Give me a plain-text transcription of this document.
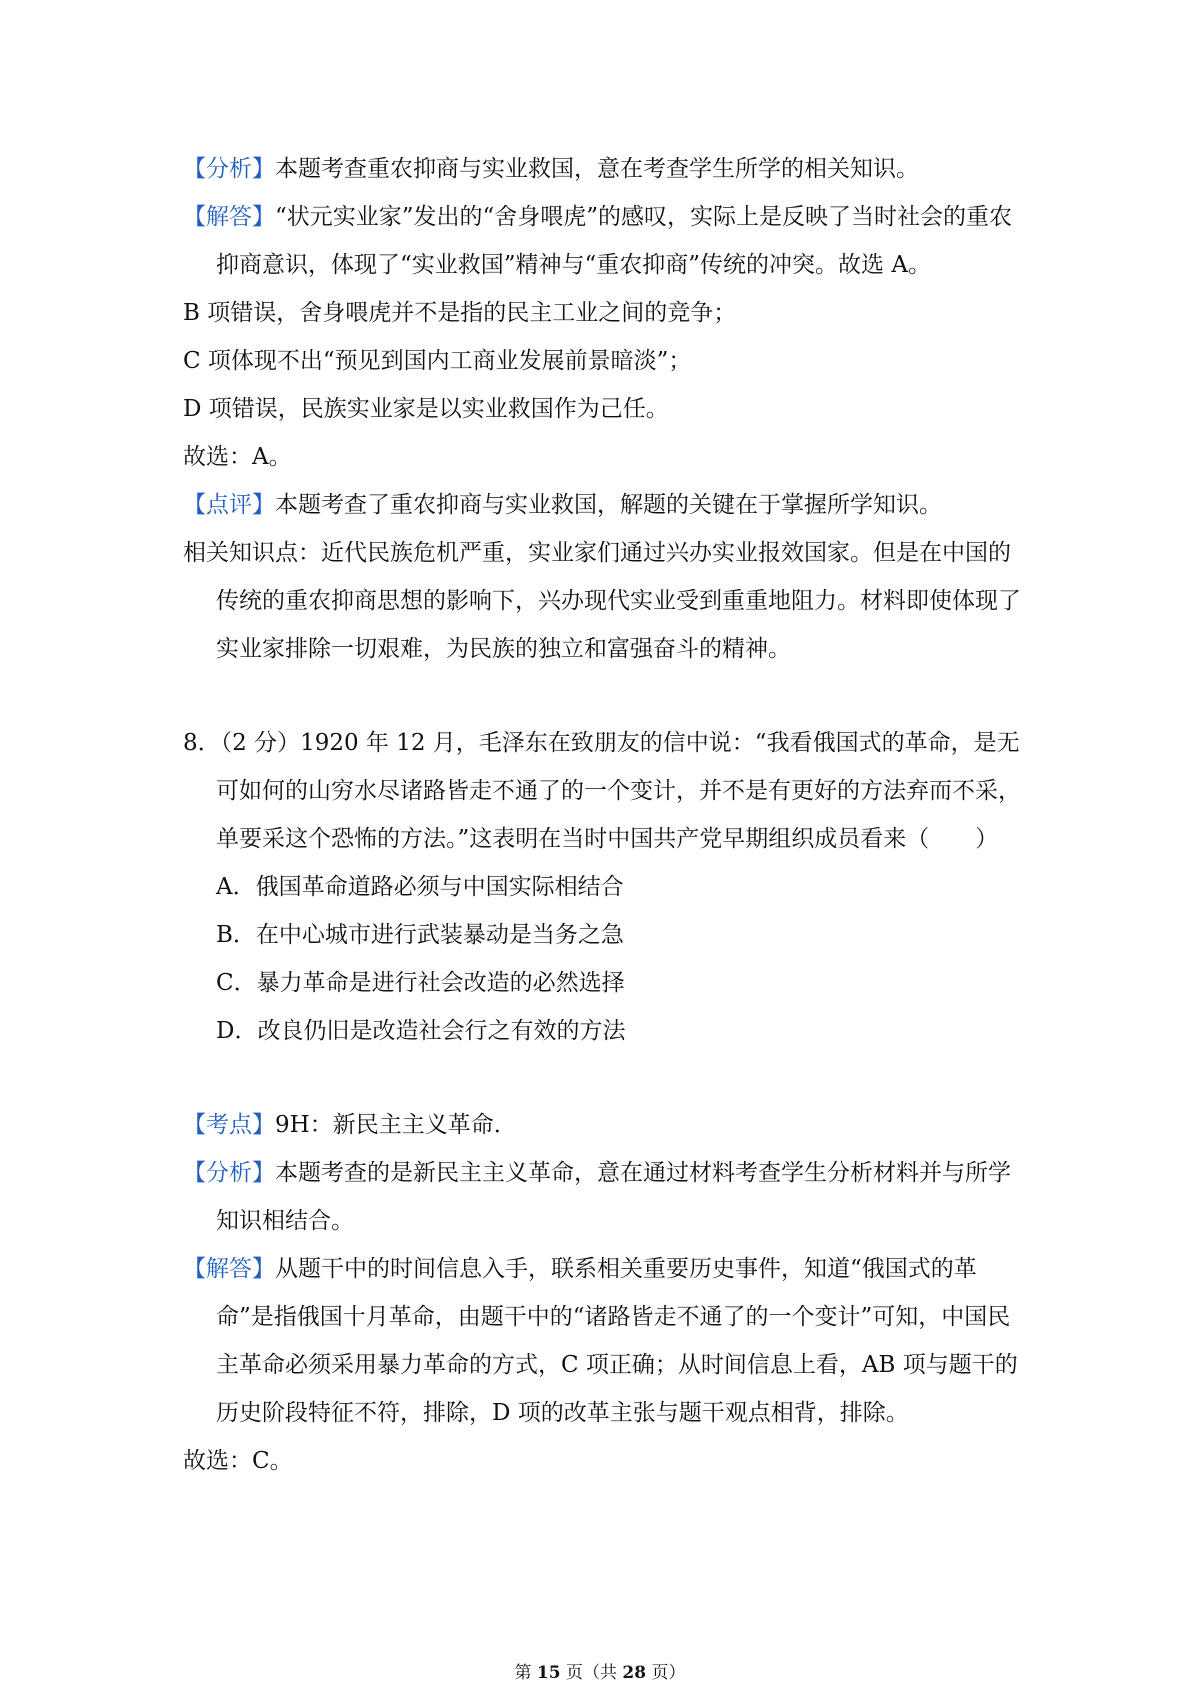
【分析】本题考查重农抑商与实业救国，意在考查学生所学的相关知识。

【解答】“状元实业家”发出的“舍身喂虎”的感叹，实际上是反映了当时社会的重农抑商意识，体现了“实业救国”精神与“重农抑商”传统的冲突。故选 A。

B 项错误，舍身喂虎并不是指的民主工业之间的竞争；

C 项体现不出“预见到国内工商业发展前景暗淡”；

D 项错误，民族实业家是以实业救国作为己任。

故选：A。

【点评】本题考查了重农抑商与实业救国，解题的关键在于掌握所学知识。

相关知识点：近代民族危机严重，实业家们通过兴办实业报效国家。但是在中国的传统的重农抑商思想的影响下，兴办现代实业受到重重地阻力。材料即使体现了实业家排除一切艰难，为民族的独立和富强奋斗的精神。

8．（2 分）1920 年 12 月，毛泽东在致朋友的信中说：“我看俄国式的革命，是无可如何的山穷水尽诸路皆走不通了的一个变计，并不是有更好的方法弃而不采，单要采这个恐怖的方法。”这表明在当时中国共产党早期组织成员看来（　　）

A．俄国革命道路必须与中国实际相结合

B．在中心城市进行武装暴动是当务之急

C．暴力革命是进行社会改造的必然选择

D．改良仍旧是改造社会行之有效的方法

【考点】9H：新民主主义革命．

【分析】本题考查的是新民主主义革命，意在通过材料考查学生分析材料并与所学知识相结合。

【解答】从题干中的时间信息入手，联系相关重要历史事件，知道“俄国式的革命”是指俄国十月革命，由题干中的“诸路皆走不通了的一个变计”可知，中国民主革命必须采用暴力革命的方式，C 项正确；从时间信息上看，AB 项与题干的历史阶段特征不符，排除，D 项的改革主张与题干观点相背，排除。

故选：C。

第 15 页（共 28 页）
